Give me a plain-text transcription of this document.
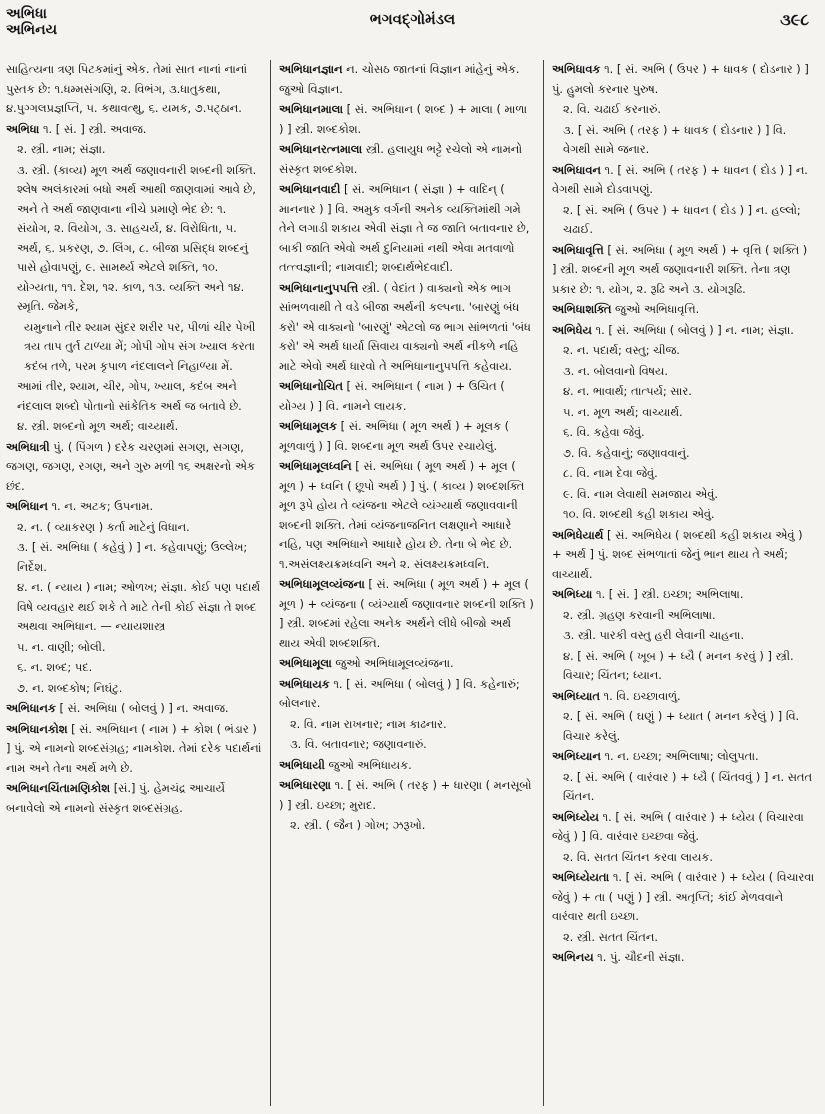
અભિધા
અભિનય
ભગવદ્ગોમંડલ	૩૯૮
સાહિત્યના ત્રણ પિટકમાંનું એક. તેમાં સાત નાનાં નાનાં પુસ્તક છે: ૧.ધમ્મસંગણિ, ૨. વિભંગ, ૩.ધાતુકથા, ૪.પુગ્ગલપ્રજ્ઞપ્તિ, ૫. કથાવત્થુ, ૬. યમક, ૭.પટ્ઠાન.
અભિધા ૧. [ સં. ] સ્ત્રી. અવાજ.
૨. સ્ત્રી. નામ; સંજ્ઞા.
૩. સ્ત્રી. (કાવ્ય) મૂળ અર્થ જણાવનારી શબ્દની શક્તિ. શ્લેષ અલંકારમાં બધો અર્થ આથી જાણવામાં આવે છે, અને તે અર્થ જાણવાના નીચે પ્રમાણે ભેદ છે: ૧. સંયોગ, ૨. વિયોગ, ૩. સાહચર્ય, ૪. વિરોધિતા, ૫. અર્થ, ૬. પ્રકરણ, ૭. લિંગ, ૮. બીજા પ્રસિદ્ધ શબ્દનું પાસે હોવાપણું, ૯. સામર્થ્ય એટલે શક્તિ, ૧૦. યોગ્યતા, ૧૧. દેશ, ૧૨. કાળ, ૧૩. વ્યક્તિ અને ૧૪. સ્મૃતિ. જેમકે,
યમુનાને તીર શ્યામ સુંદર શરીર પર, પીળાં ચીર પેખી ત્રય તાપ તુર્ત ટાળ્યા મેં; ગોપી ગોપ સંગ ખ્યાલ કરતા કદંબ તળે, પરમ કૃપાળ નંદલાલને નિહાળ્યા મેં.
આમાં તીર, શ્યામ, ચીર, ગોપ, ખ્યાલ, કદંબ અને નંદલાલ શબ્દો પોતાનો સાંકેતિક અર્થ જ બતાવે છે.
૪. સ્ત્રી. શબ્દનો મૂળ અર્થ; વાચ્યાર્થ.
અભિધાત્રી પું. ( પિંગળ ) દરેક ચરણમાં સગણ, સગણ, જગણ, જગણ, રગણ, અને ગુરુ મળી ૧૬ અક્ષરનો એક છંદ.
અભિધાન ૧. ન. અટક; ઉપનામ.
૨. ન. ( વ્યાકરણ ) કર્તા માટેનું વિધાન.
૩. [ સં. અભિધા ( કહેવું ) ] ન. કહેવાપણું; ઉલ્લેખ; નિર્દેશ.
૪. ન. ( ન્યાય ) નામ; ઓળખ; સંજ્ઞા. કોઈ પણ પદાર્થ વિષે વ્યવહાર થઈ શકે તે માટે તેની કોઈ સંજ્ઞા તે શબ્દ અથવા અભિધાન. — ન્યાયશાસ્ત્ર
૫. ન. વાણી; બોલી.
૬. ન. શબ્દ; પદ.
૭. ન. શબ્દકોષ; નિઘંટુ.
અભિધાનક [ સં. અભિધા ( બોલવું ) ] ન. અવાજ.
અભિધાનકોશ [ સં. અભિધાન ( નામ ) + કોશ ( ભંડાર ) ] પું. એ નામનો શબ્દસંગ્રહ; નામકોશ. તેમાં દરેક પદાર્થનાં નામ અને તેના અર્થ મળે છે.
અભિધાનચિંતામણિકોશ [સં.] પું. હેમચંદ્ર આચાર્યે બનાવેલો એ નામનો સંસ્કૃત શબ્દસંગ્રહ.
અભિધાનજ્ઞાન ન. ચોસઠ જાતનાં વિજ્ઞાન માંહેનું એક. જુઓ વિજ્ઞાન.
અભિધાનમાલા [ સં. અભિધાન ( શબ્દ ) + માલા ( માળા ) ] સ્ત્રી. શબ્દકોશ.
અભિધાનરત્નમાલા સ્ત્રી. હલાયુધ ભટ્ટે રચેલો એ નામનો સંસ્કૃત શબ્દકોશ.
અભિધાનવાદી [ સં. અભિધાન ( સંજ્ઞા ) + વાદિન્ ( માનનાર ) ] વિ. અમુક વર્ગની અનેક વ્યક્તિમાંથી ગમે તેને લગાડી શકાય એવી સંજ્ઞા તે જ જાતિ બતાવનાર છે, બાકી જાતિ એવો અર્થ દુનિયામાં નથી એવા મતવાળો તત્ત્વજ્ઞાની; નામવાદી; શબ્દાર્થભેદવાદી.
અભિધાનાનુપપત્તિ સ્ત્રી. ( વેદાંત ) વાક્યનો એક ભાગ સાંભળવાથી તે વડે બીજા અર્થની કલ્પના. 'બારણું બંધ કરો' એ વાક્યનો 'બારણું' એટલો જ ભાગ સાંભળતાં 'બંધ કરો' એ અર્થ ધાર્યા સિવાય વાક્યનો અર્થ નીકળે નહિ માટે એવો અર્થ ધારવો તે અભિધાનાનુપપત્તિ કહેવાય.
અભિધાનોચિત [ સં. અભિધાન ( નામ ) + ઉચિત ( યોગ્ય ) ] વિ. નામને લાયક.
અભિધામૂલક [ સં. અભિધા ( મૂળ અર્થ ) + મૂલક ( મૂળવાળું ) ] વિ. શબ્દના મૂળ અર્થ ઉપર રચાયેલું.
અભિધામૂલધ્વનિ [ સં. અભિધા ( મૂળ અર્થ ) + મૂલ ( મૂળ ) + ધ્વનિ ( છૂપો અર્થ ) ] પું. ( કાવ્ય ) શબ્દશક્તિ મૂળ રૂપે હોય તે વ્યંજના એટલે વ્યંગ્યાર્થ જણાવવાની શબ્દની શક્તિ. તેમાં વ્યંજનાજનિત લક્ષણાને આધારે નહિ, પણ અભિધાને આધારે હોય છે. તેના બે ભેદ છે. ૧.અસંલક્ષ્યક્રમધ્વનિ અને ૨. સંલક્ષ્યક્રમધ્વનિ.
અભિધામૂલવ્યંજના [ સં. અભિધા ( મૂળ અર્થ ) + મૂલ ( મૂળ ) + વ્યંજના ( વ્યંગ્યાર્થ જણાવનાર શબ્દની શક્તિ ) ] સ્ત્રી. શબ્દમાં રહેલા અનેક અર્થને લીધે બીજો અર્થ થાય એવી શબ્દશક્તિ.
અભિધામૂલા જુઓ અભિધામૂલવ્યંજના.
અભિધાયક ૧. [ સં. અભિધા ( બોલવું ) ] વિ. કહેનારું; બોલનાર.
૨. વિ. નામ રાખનાર; નામ કાઢનાર.
૩. વિ. બતાવનાર; જણાવનારું.
અભિધાયી જુઓ અભિધાયક.
અભિધારણા ૧. [ સં. અભિ ( તરફ ) + ધારણા ( મનસૂબો ) ] સ્ત્રી. ઇચ્છા; મુરાદ.
૨. સ્ત્રી. ( જૈન ) ગોખ; ઝરૂખો.
અભિધાવક ૧. [ સં. અભિ ( ઉપર ) + ધાવક ( દોડનાર ) ] પું. હુમલો કરનાર પુરુષ.
૨. વિ. ચઢાઈ કરનારું.
૩. [ સં. અભિ ( તરફ ) + ધાવક ( દોડનાર ) ] વિ. વેગથી સામે જનાર.
અભિધાવન ૧. [ સં. અભિ ( તરફ ) + ધાવન ( દોડ ) ] ન. વેગથી સામે દોડવાપણું.
૨. [ સં. અભિ ( ઉપર ) + ધાવન ( દોડ ) ] ન. હલ્લો; ચઢાઈ.
અભિધાવૃત્તિ [ સં. અભિધા ( મૂળ અર્થ ) + વૃત્તિ ( શક્તિ ) ] સ્ત્રી. શબ્દની મૂળ અર્થ જણાવનારી શક્તિ. તેના ત્રણ પ્રકાર છે: ૧. યોગ, ૨. રૂઢિ અને ૩. યોગરૂઢિ.
અભિધાશક્તિ જુઓ અભિધાવૃત્તિ.
અભિધેય ૧. [ સં. અભિધા ( બોલવું ) ] ન. નામ; સંજ્ઞા.
૨. ન. પદાર્થ; વસ્તુ; ચીજ.
૩. ન. બોલવાનો વિષય.
૪. ન. ભાવાર્થ; તાત્પર્ય; સાર.
૫. ન. મૂળ અર્થ; વાચ્યાર્થ.
૬. વિ. કહેવા જેવું.
૭. વિ. કહેવાનું; જણાવવાનું.
૮. વિ. નામ દેવા જેવું.
૯. વિ. નામ લેવાથી સમજાય એવું.
૧૦. વિ. શબ્દથી કહી શકાય એવું.
અભિધેયાર્થ [ સં. અભિધેય ( શબ્દથી કહી શકાય એવું ) + અર્થ ] પું. શબ્દ સંભળાતાં જેનું ભાન થાય તે અર્થ; વાચ્યાર્થ.
અભિધ્યા ૧. [ સં. ] સ્ત્રી. ઇચ્છા; અભિલાષા.
૨. સ્ત્રી. ગ્રહણ કરવાની અભિલાષા.
૩. સ્ત્રી. પારકી વસ્તુ હરી લેવાની ચાહના.
૪. [ સં. અભિ ( ખૂબ ) + ધ્યૈ ( મનન કરવું ) ] સ્ત્રી. વિચાર; ચિંતન; ધ્યાન.
અભિધ્યાત ૧. વિ. ઇચ્છાવાળું.
૨. [ સં. અભિ ( ઘણું ) + ધ્યાત ( મનન કરેલું ) ] વિ. વિચાર કરેલું.
અભિધ્યાન ૧. ન. ઇચ્છા; અભિલાષા; લોલુપતા.
૨. [ સં. અભિ ( વારંવાર ) + ધ્યૈ ( ચિંતવવું ) ] ન. સતત ચિંતન.
અભિધ્યેય ૧. [ સં. અભિ ( વારંવાર ) + ધ્યેય ( વિચારવા જેવું ) ] વિ. વારંવાર ઇચ્છવા જેવું.
૨. વિ. સતત ચિંતન કરવા લાયક.
અભિધ્યેયતા ૧. [ સં. અભિ ( વારંવાર ) + ધ્યેય ( વિચારવા જેવું ) + તા ( પણું ) ] સ્ત્રી. અતૃપ્તિ; કાંઈ મેળવવાને વારંવાર થતી ઇચ્છા.
૨. સ્ત્રી. સતત ચિંતન.
અભિનય ૧. પું. ચૌદની સંજ્ઞા.
